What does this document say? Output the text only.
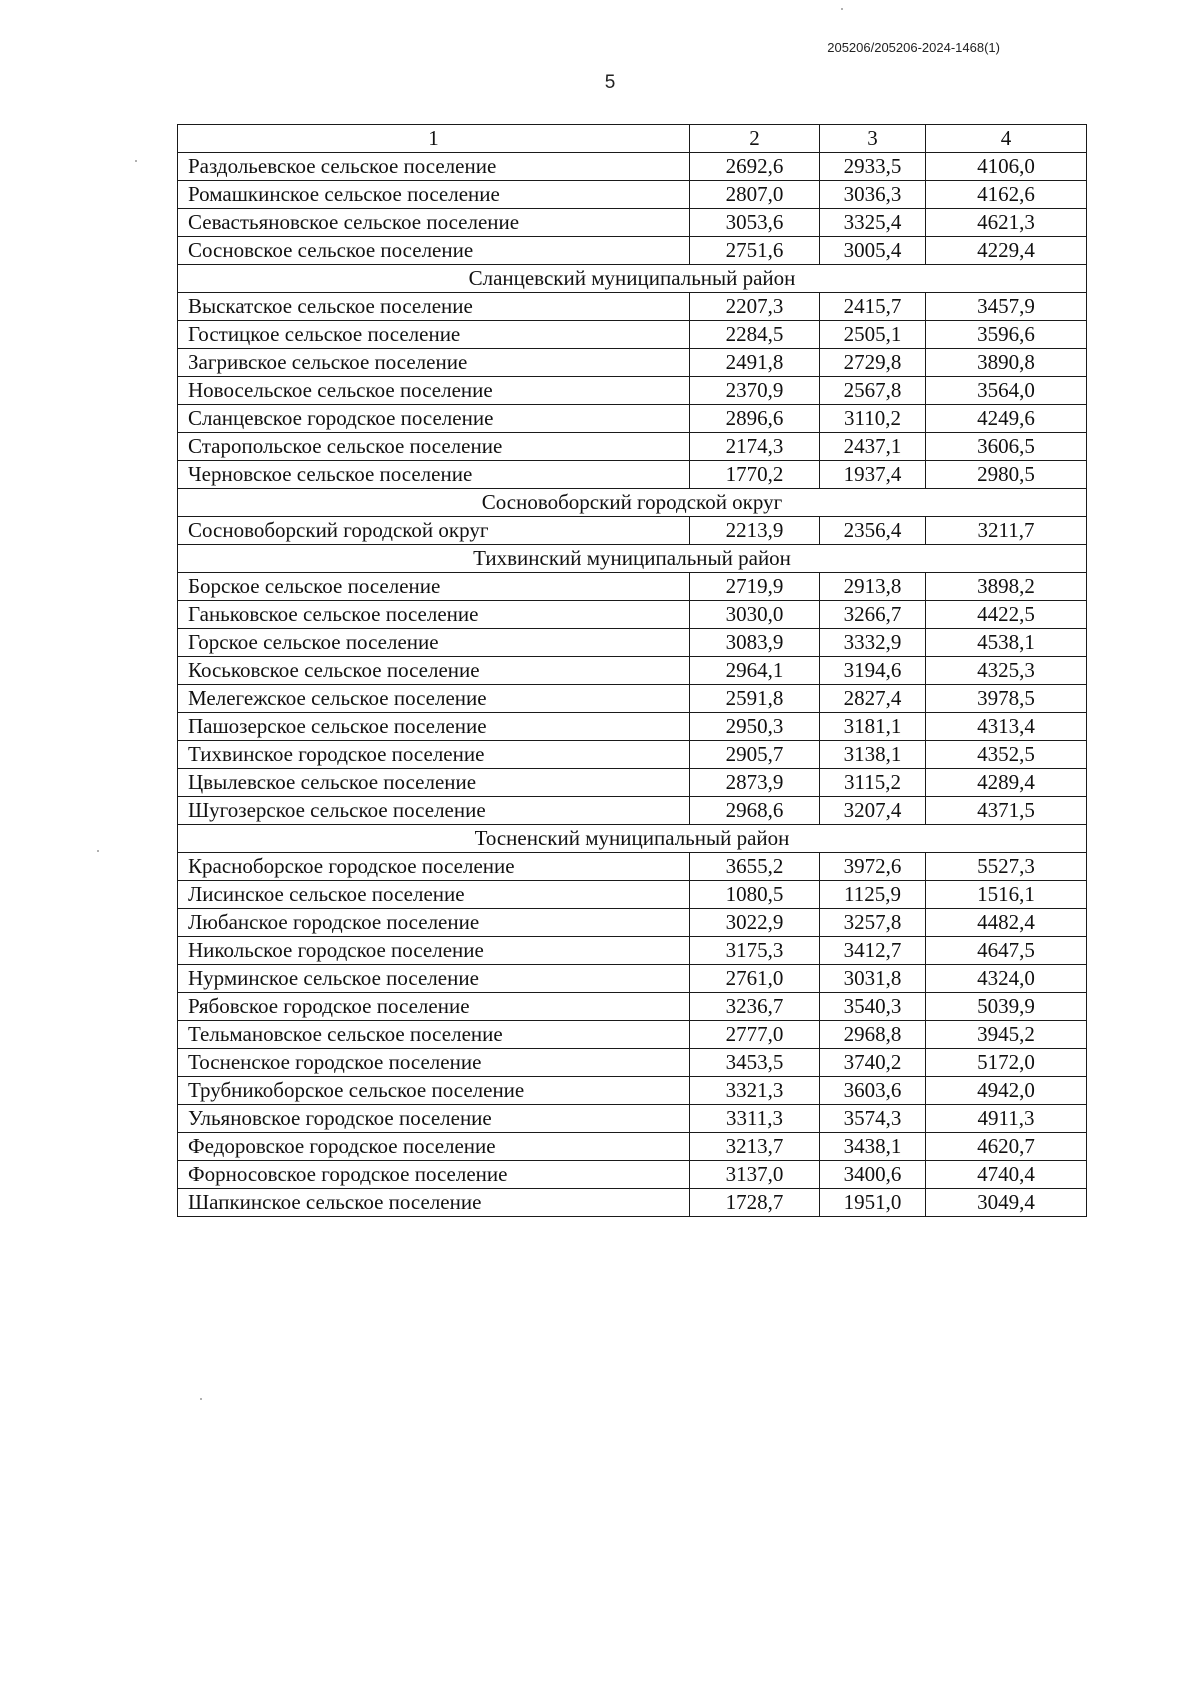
205206/205206-2024-1468(1)
5
1	2	3	4
Раздольевское сельское поселение	2692,6	2933,5	4106,0
Ромашкинское сельское поселение	2807,0	3036,3	4162,6
Севастьяновское сельское поселение	3053,6	3325,4	4621,3
Сосновское сельское поселение	2751,6	3005,4	4229,4
Сланцевский муниципальный район			
Выскатское сельское поселение	2207,3	2415,7	3457,9
Гостицкое сельское поселение	2284,5	2505,1	3596,6
Загривское сельское поселение	2491,8	2729,8	3890,8
Новосельское сельское поселение	2370,9	2567,8	3564,0
Сланцевское городское поселение	2896,6	3110,2	4249,6
Старопольское сельское поселение	2174,3	2437,1	3606,5
Черновское сельское поселение	1770,2	1937,4	2980,5
Сосновоборский городской округ			
Сосновоборский городской округ	2213,9	2356,4	3211,7
Тихвинский муниципальный район			
Борское сельское поселение	2719,9	2913,8	3898,2
Ганьковское сельское поселение	3030,0	3266,7	4422,5
Горское сельское поселение	3083,9	3332,9	4538,1
Коськовское сельское поселение	2964,1	3194,6	4325,3
Мелегежское сельское поселение	2591,8	2827,4	3978,5
Пашозерское сельское поселение	2950,3	3181,1	4313,4
Тихвинское городское поселение	2905,7	3138,1	4352,5
Цвылевское сельское поселение	2873,9	3115,2	4289,4
Шугозерское сельское поселение	2968,6	3207,4	4371,5
Тосненский муниципальный район			
Красноборское городское поселение	3655,2	3972,6	5527,3
Лисинское сельское поселение	1080,5	1125,9	1516,1
Любанское городское поселение	3022,9	3257,8	4482,4
Никольское городское поселение	3175,3	3412,7	4647,5
Нурминское сельское поселение	2761,0	3031,8	4324,0
Рябовское городское поселение	3236,7	3540,3	5039,9
Тельмановское сельское поселение	2777,0	2968,8	3945,2
Тосненское городское поселение	3453,5	3740,2	5172,0
Трубникоборское сельское поселение	3321,3	3603,6	4942,0
Ульяновское городское поселение	3311,3	3574,3	4911,3
Федоровское городское поселение	3213,7	3438,1	4620,7
Форносовское городское поселение	3137,0	3400,6	4740,4
Шапкинское сельское поселение	1728,7	1951,0	3049,4
